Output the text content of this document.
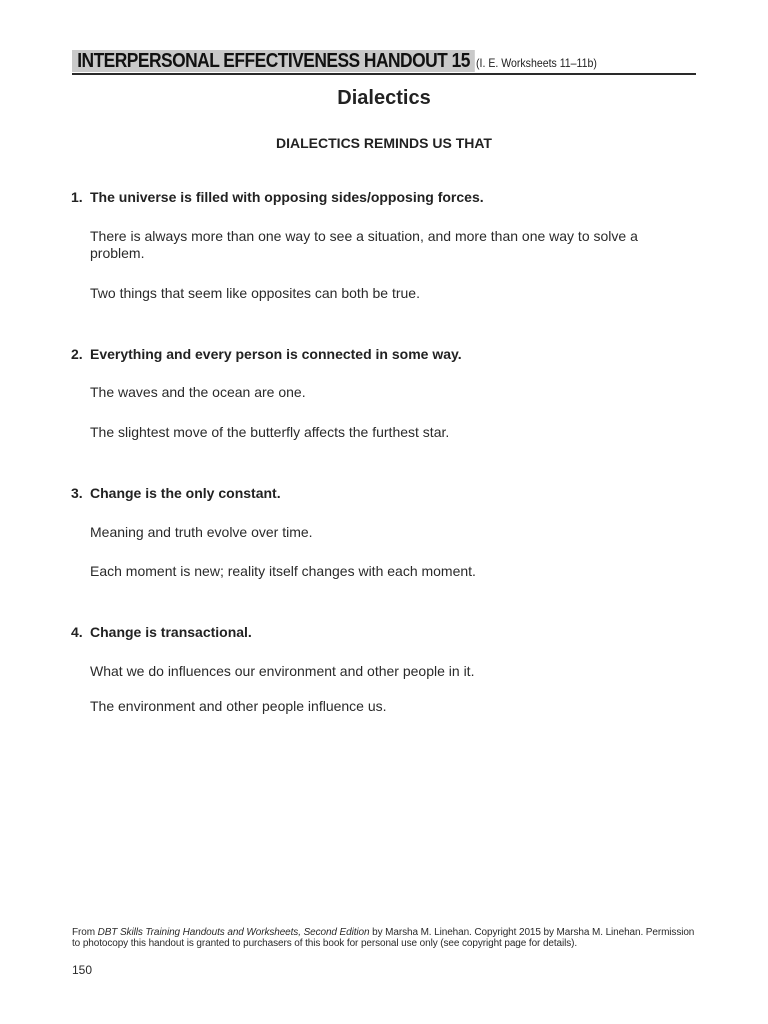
INTERPERSONAL EFFECTIVENESS HANDOUT 15 (I. E. Worksheets 11–11b)
Dialectics
DIALECTICS REMINDS US THAT
1. The universe is filled with opposing sides/opposing forces.
There is always more than one way to see a situation, and more than one way to solve a problem.
Two things that seem like opposites can both be true.
2. Everything and every person is connected in some way.
The waves and the ocean are one.
The slightest move of the butterfly affects the furthest star.
3. Change is the only constant.
Meaning and truth evolve over time.
Each moment is new; reality itself changes with each moment.
4. Change is transactional.
What we do influences our environment and other people in it.
The environment and other people influence us.
From DBT Skills Training Handouts and Worksheets, Second Edition by Marsha M. Linehan. Copyright 2015 by Marsha M. Linehan. Permission to photocopy this handout is granted to purchasers of this book for personal use only (see copyright page for details).
150
